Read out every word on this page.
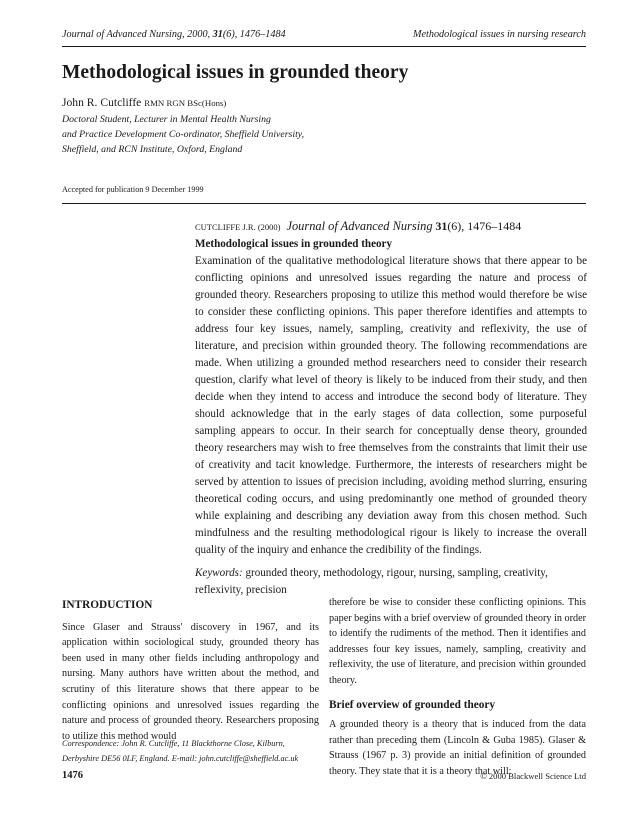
Journal of Advanced Nursing, 2000, 31(6), 1476–1484	Methodological issues in nursing research
Methodological issues in grounded theory
John R. Cutcliffe RMN RGN BSc(Hons)
Doctoral Student, Lecturer in Mental Health Nursing
and Practice Development Co-ordinator, Sheffield University,
Sheffield, and RCN Institute, Oxford, England
Accepted for publication 9 December 1999
CUTCLIFFE J.R. (2000) Journal of Advanced Nursing 31(6), 1476–1484
Methodological issues in grounded theory

Examination of the qualitative methodological literature shows that there appear to be conflicting opinions and unresolved issues regarding the nature and process of grounded theory. Researchers proposing to utilize this method would therefore be wise to consider these conflicting opinions. This paper therefore identifies and attempts to address four key issues, namely, sampling, creativity and reflexivity, the use of literature, and precision within grounded theory. The following recommendations are made. When utilizing a grounded method researchers need to consider their research question, clarify what level of theory is likely to be induced from their study, and then decide when they intend to access and introduce the second body of literature. They should acknowledge that in the early stages of data collection, some purposeful sampling appears to occur. In their search for conceptually dense theory, grounded theory researchers may wish to free themselves from the constraints that limit their use of creativity and tacit knowledge. Furthermore, the interests of researchers might be served by attention to issues of precision including, avoiding method slurring, ensuring theoretical coding occurs, and using predominantly one method of grounded theory while explaining and describing any deviation away from this chosen method. Such mindfulness and the resulting methodological rigour is likely to increase the overall quality of the inquiry and enhance the credibility of the findings.

Keywords: grounded theory, methodology, rigour, nursing, sampling, creativity, reflexivity, precision

INTRODUCTION

Since Glaser and Strauss' discovery in 1967, and its application within sociological study, grounded theory has been used in many other fields including anthropology and nursing. Many authors have written about the method, and scrutiny of this literature shows that there appear to be conflicting opinions and unresolved issues regarding the nature and process of grounded theory. Researchers proposing to utilize this method would

therefore be wise to consider these conflicting opinions. This paper begins with a brief overview of grounded theory in order to identify the rudiments of the method. Then it identifies and addresses four key issues, namely, sampling, creativity and reflexivity, the use of literature, and precision within grounded theory.

Brief overview of grounded theory

A grounded theory is a theory that is induced from the data rather than preceding them (Lincoln & Guba 1985). Glaser & Strauss (1967 p. 3) provide an initial definition of grounded theory. They state that it is a theory that will:

Correspondence: John R. Cutcliffe, 11 Blackthorne Close, Kilburn,
Derbyshire DE56 0LF, England. E-mail: john.cutcliffe@sheffield.ac.uk
1476	© 2000 Blackwell Science Ltd
